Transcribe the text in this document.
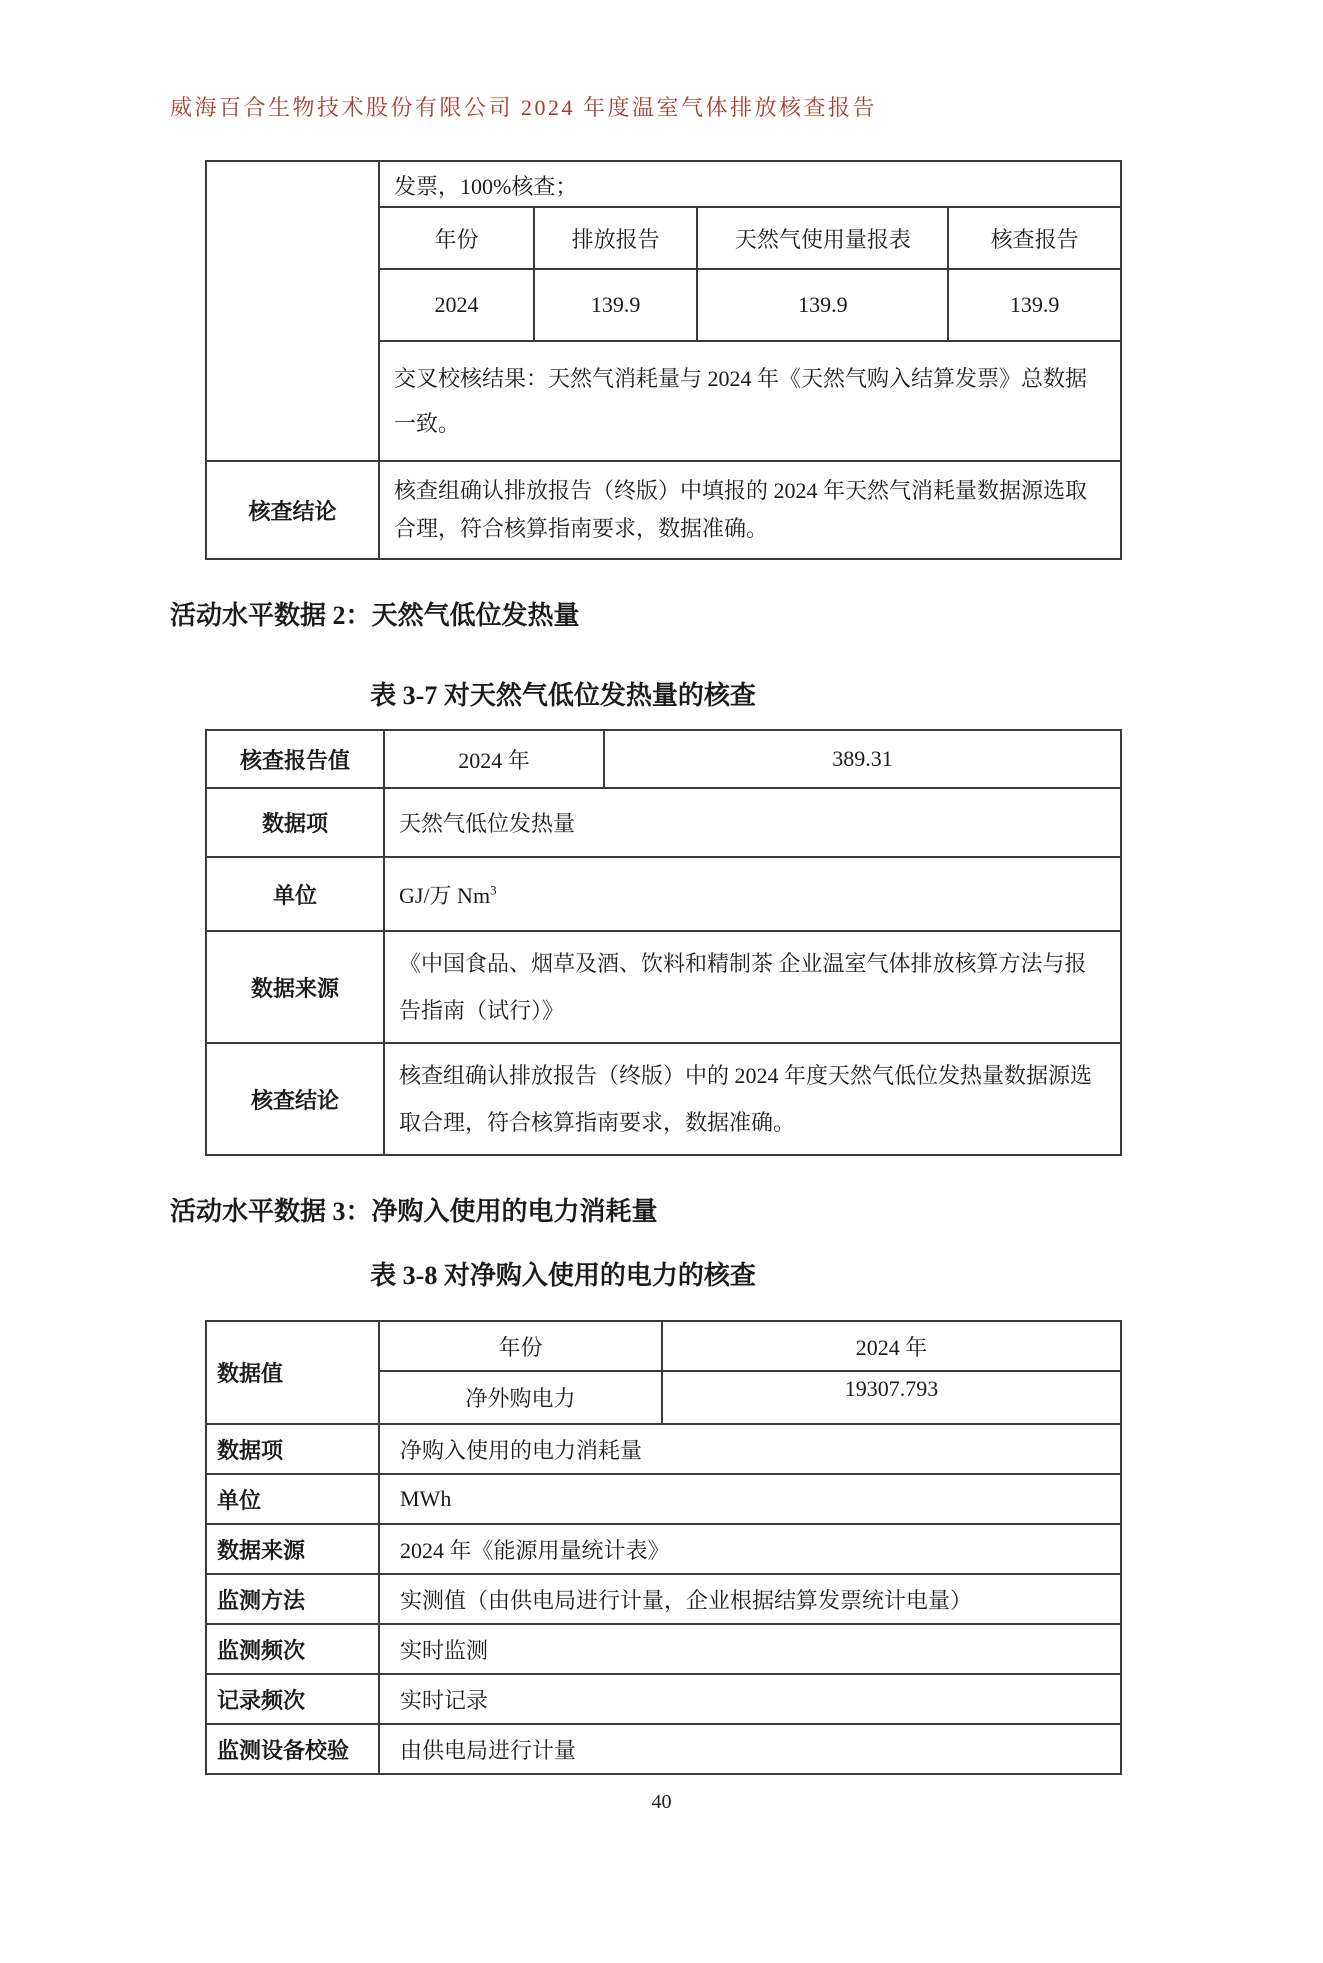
威海百合生物技术股份有限公司 2024 年度温室气体排放核查报告

发票，100%核查；
年份	排放报告	天然气使用量报表	核查报告
2024	139.9	139.9	139.9
交叉校核结果：天然气消耗量与 2024 年《天然气购入结算发票》总数据一致。

核查结论	核查组确认排放报告（终版）中填报的 2024 年天然气消耗量数据源选取合理，符合核算指南要求，数据准确。
活动水平数据 2：天然气低位发热量
表 3-7 对天然气低位发热量的核查
核查报告值	2024 年	389.31
数据项	天然气低位发热量	
单位	GJ/万 Nm$^3$
数据来源	《中国食品、烟草及酒、饮料和精制茶 企业温室气体排放核算方法与报告指南（试行）》	
核查结论	核查组确认排放报告（终版）中的 2024 年度天然气低位发热量数据源选取合理，符合核算指南要求，数据准确。	
活动水平数据 3：净购入使用的电力消耗量
表 3-8 对净购入使用的电力的核查
数据值	年份	2024 年
	净外购电力	19307.793
数据项	净购入使用的电力消耗量	
单位	MWh	
数据来源	2024 年《能源用量统计表》	
监测方法	实测值（由供电局进行计量，企业根据结算发票统计电量）	
监测频次	实时监测	
记录频次	实时记录	
监测设备校验	由供电局进行计量	
40
